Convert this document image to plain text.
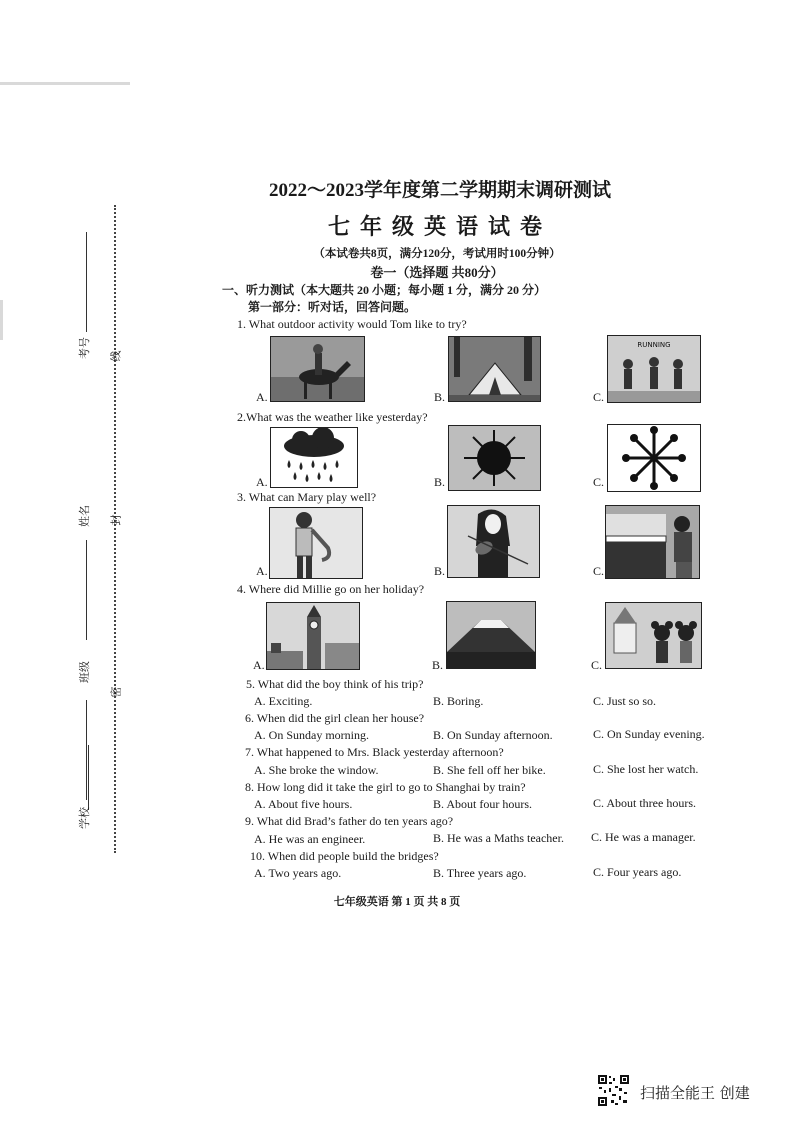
考号
姓名
班级
学校
线
封
密
2022～2023学年度第二学期期末调研测试
七年级英语试卷
（本试卷共8页，满分120分，考试用时100分钟）
卷一（选择题 共80分）
一、听力测试（本大题共 20 小题；每小题 1 分，满分 20 分）
第一部分：听对话，回答问题。
1. What outdoor activity would Tom like to try?
A.	B.	C.
RUNNING
2.What was the weather like yesterday?
A.	B.	C.
3. What can Mary play well?
A.	B.	C.
4. Where did Millie go on her holiday?
A.	B.	C.
5. What did the boy think of his trip?
A. Exciting.	B. Boring.	C. Just so so.
6. When did the girl clean her house?
A. On Sunday morning.	B. On Sunday afternoon.	C. On Sunday evening.
7. What happened to Mrs. Black yesterday afternoon?
A. She broke the window.	B. She fell off her bike.	C. She lost her watch.
8. How long did it take the girl to go to Shanghai by train?
A. About five hours.	B. About four hours.	C. About three hours.
9. What did Brad’s father do ten years ago?
A. He was an engineer.	B. He was a Maths teacher. C. He was a manager.
10. When did people build the bridges?
A. Two years ago.	B. Three years ago.	C. Four years ago.
七年级英语 第 1 页 共 8 页
扫描全能王 创建
